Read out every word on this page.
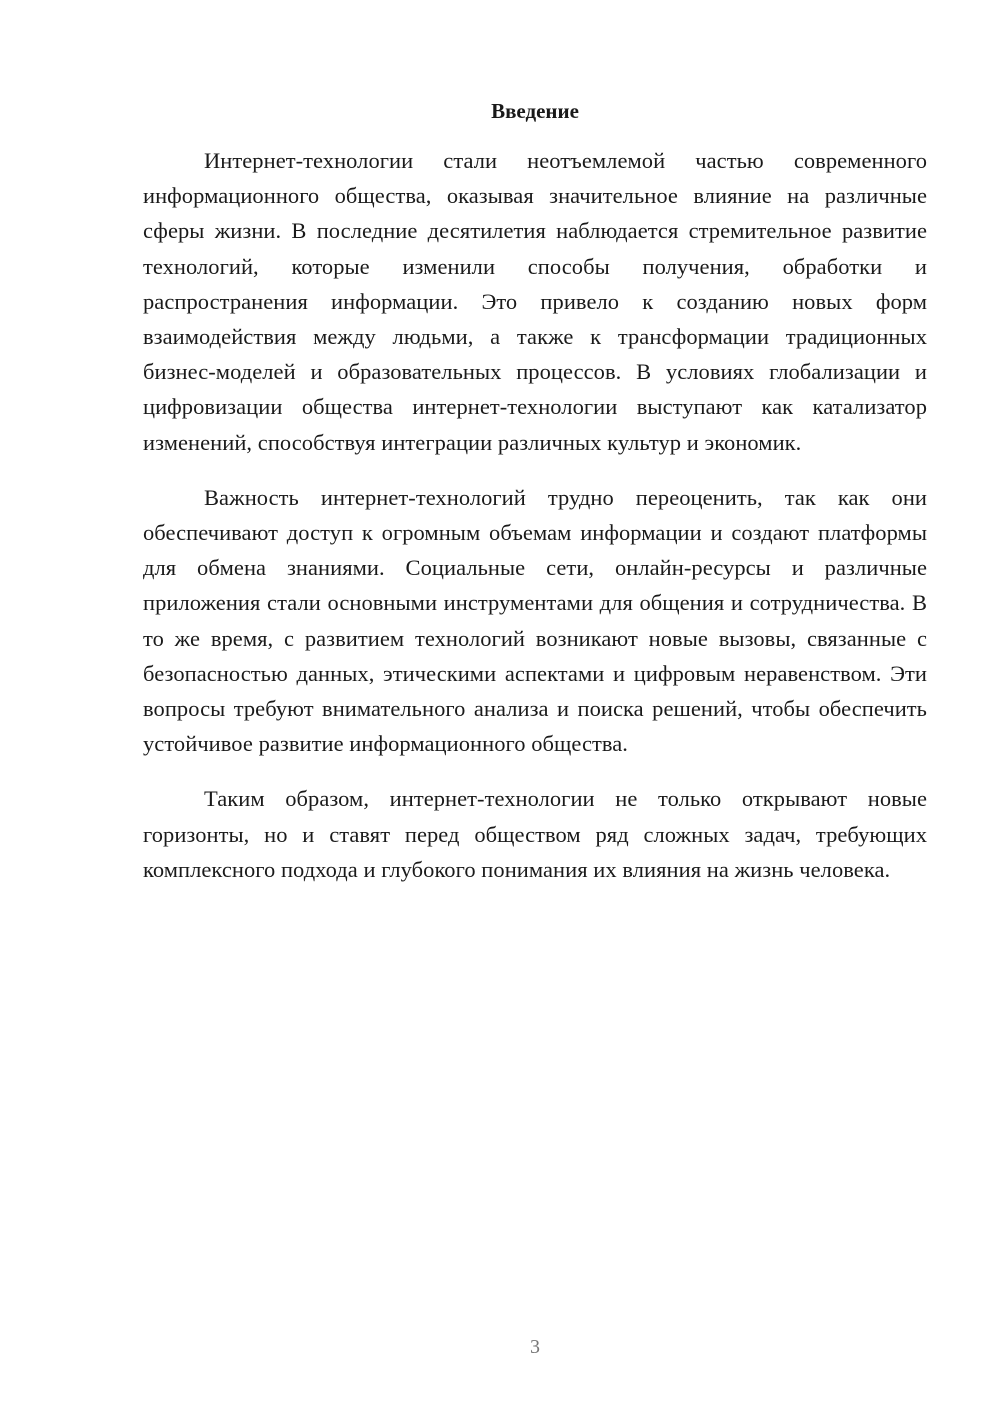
Введение

Интернет-технологии стали неотъемлемой частью современного информационного общества, оказывая значительное влияние на различные сферы жизни. В последние десятилетия наблюдается стремительное развитие технологий, которые изменили способы получения, обработки и распространения информации. Это привело к созданию новых форм взаимодействия между людьми, а также к трансформации традиционных бизнес-моделей и образовательных процессов. В условиях глобализации и цифровизации общества интернет-технологии выступают как катализатор изменений, способствуя интеграции различных культур и экономик.

Важность интернет-технологий трудно переоценить, так как они обеспечивают доступ к огромным объемам информации и создают платформы для обмена знаниями. Социальные сети, онлайн-ресурсы и различные приложения стали основными инструментами для общения и сотрудничества. В то же время, с развитием технологий возникают новые вызовы, связанные с безопасностью данных, этическими аспектами и цифровым неравенством. Эти вопросы требуют внимательного анализа и поиска решений, чтобы обеспечить устойчивое развитие информационного общества.

Таким образом, интернет-технологии не только открывают новые горизонты, но и ставят перед обществом ряд сложных задач, требующих комплексного подхода и глубокого понимания их влияния на жизнь человека.

3
